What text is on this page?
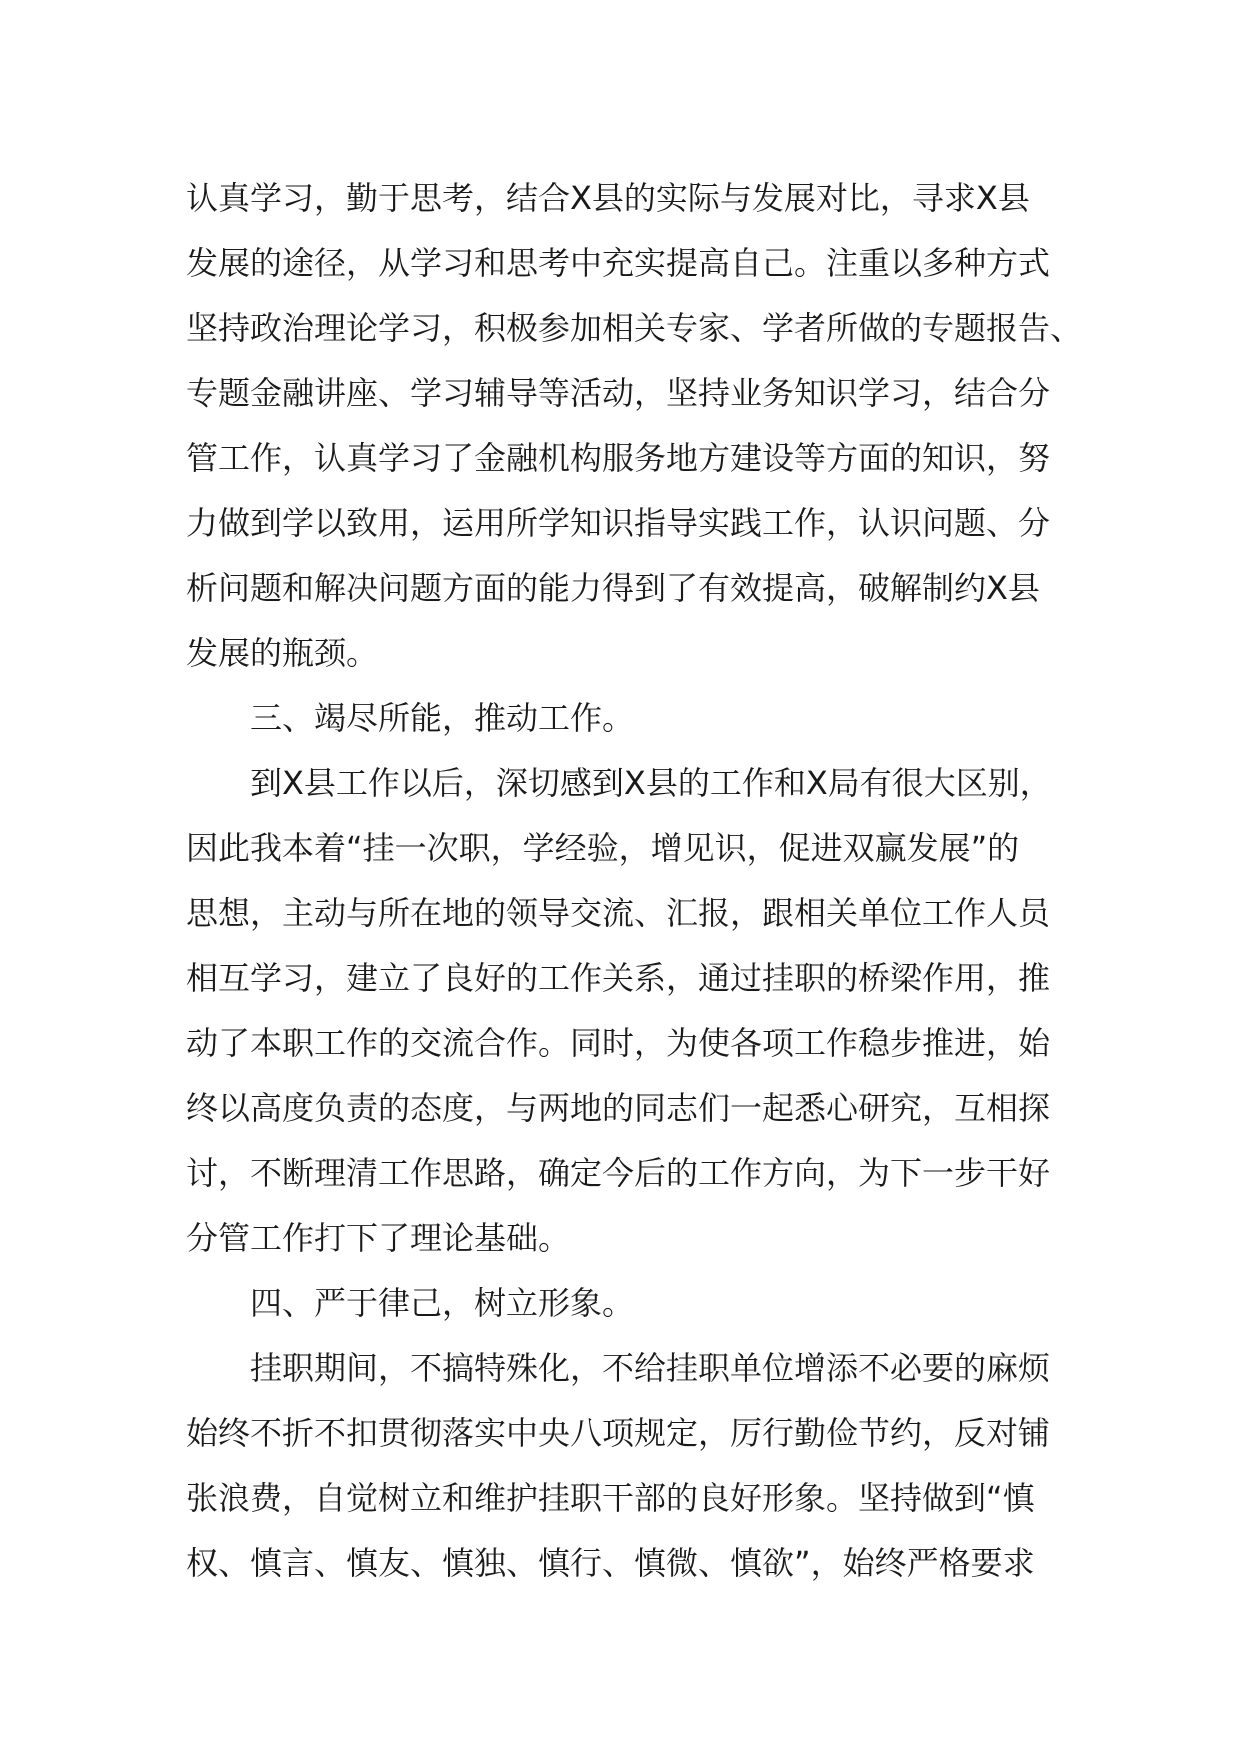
认真学习，勤于思考，结合X县的实际与发展对比，寻求X县
发展的途径，从学习和思考中充实提高自己。注重以多种方式
坚持政治理论学习，积极参加相关专家、学者所做的专题报告、
专题金融讲座、学习辅导等活动，坚持业务知识学习，结合分
管工作，认真学习了金融机构服务地方建设等方面的知识，努
力做到学以致用，运用所学知识指导实践工作，认识问题、分
析问题和解决问题方面的能力得到了有效提高，破解制约X县
发展的瓶颈。
三、竭尽所能，推动工作。
到X县工作以后，深切感到X县的工作和X局有很大区别，
因此我本着“挂一次职，学经验，增见识，促进双赢发展”的
思想，主动与所在地的领导交流、汇报，跟相关单位工作人员
相互学习，建立了良好的工作关系，通过挂职的桥梁作用，推
动了本职工作的交流合作。同时，为使各项工作稳步推进，始
终以高度负责的态度，与两地的同志们一起悉心研究，互相探
讨，不断理清工作思路，确定今后的工作方向，为下一步干好
分管工作打下了理论基础。
四、严于律己，树立形象。
挂职期间，不搞特殊化，不给挂职单位增添不必要的麻烦
始终不折不扣贯彻落实中央八项规定，厉行勤俭节约，反对铺
张浪费，自觉树立和维护挂职干部的良好形象。坚持做到“慎
权、慎言、慎友、慎独、慎行、慎微、慎欲”，始终严格要求
